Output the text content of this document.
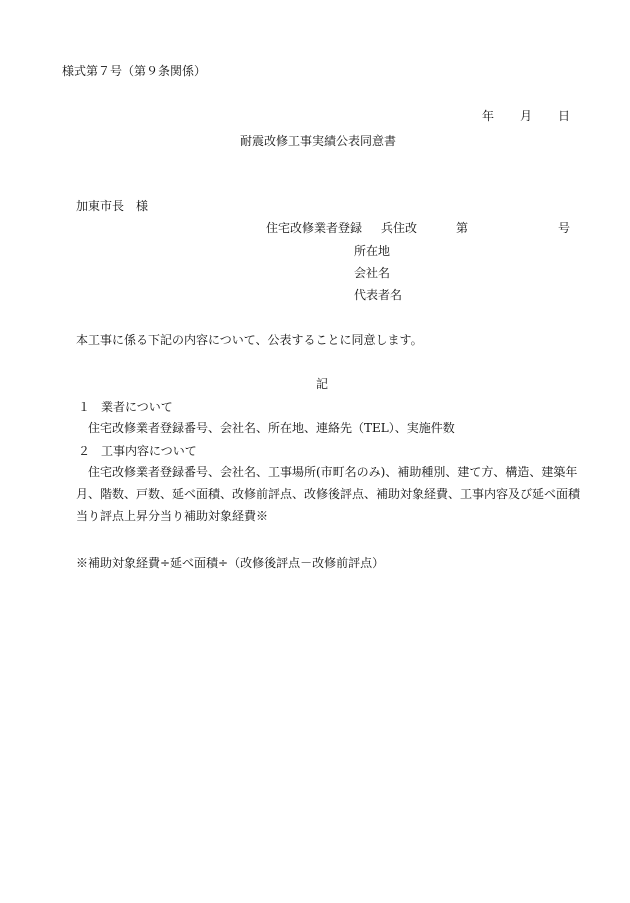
様式第７号（第９条関係）
年 月 日
耐震改修工事実績公表同意書
加東市長　様
住宅改修業者登録 兵住改	第	号
所在地
会社名
代表者名
本工事に係る下記の内容について、公表することに同意します。
記
１ 業者について
住宅改修業者登録番号、会社名、所在地、連絡先（TEL）、実施件数
２ 工事内容について
住宅改修業者登録番号、会社名、工事場所(市町名のみ)、補助種別、建て方、構造、建築年月、階数、戸数、延べ面積、改修前評点、改修後評点、補助対象経費、工事内容及び延べ面積当り評点上昇分当り補助対象経費※
※補助対象経費÷延べ面積÷（改修後評点－改修前評点）
